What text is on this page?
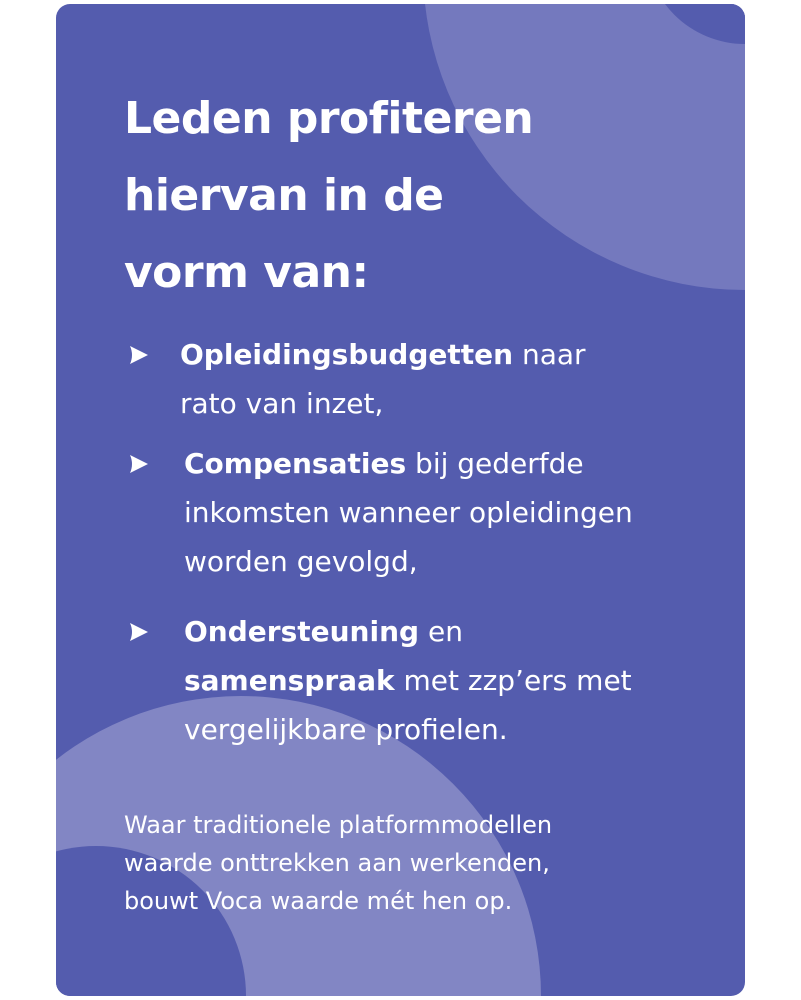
Leden profiteren
hiervan in de
vorm van:
Opleidingsbudgetten naar
rato van inzet,
Compensaties bij gederfde
inkomsten wanneer opleidingen
worden gevolgd,
Ondersteuning en
samenspraak met zzp’ers met
vergelijkbare profielen.
Waar traditionele platformmodellen
waarde onttrekken aan werkenden,
bouwt Voca waarde mét hen op.
